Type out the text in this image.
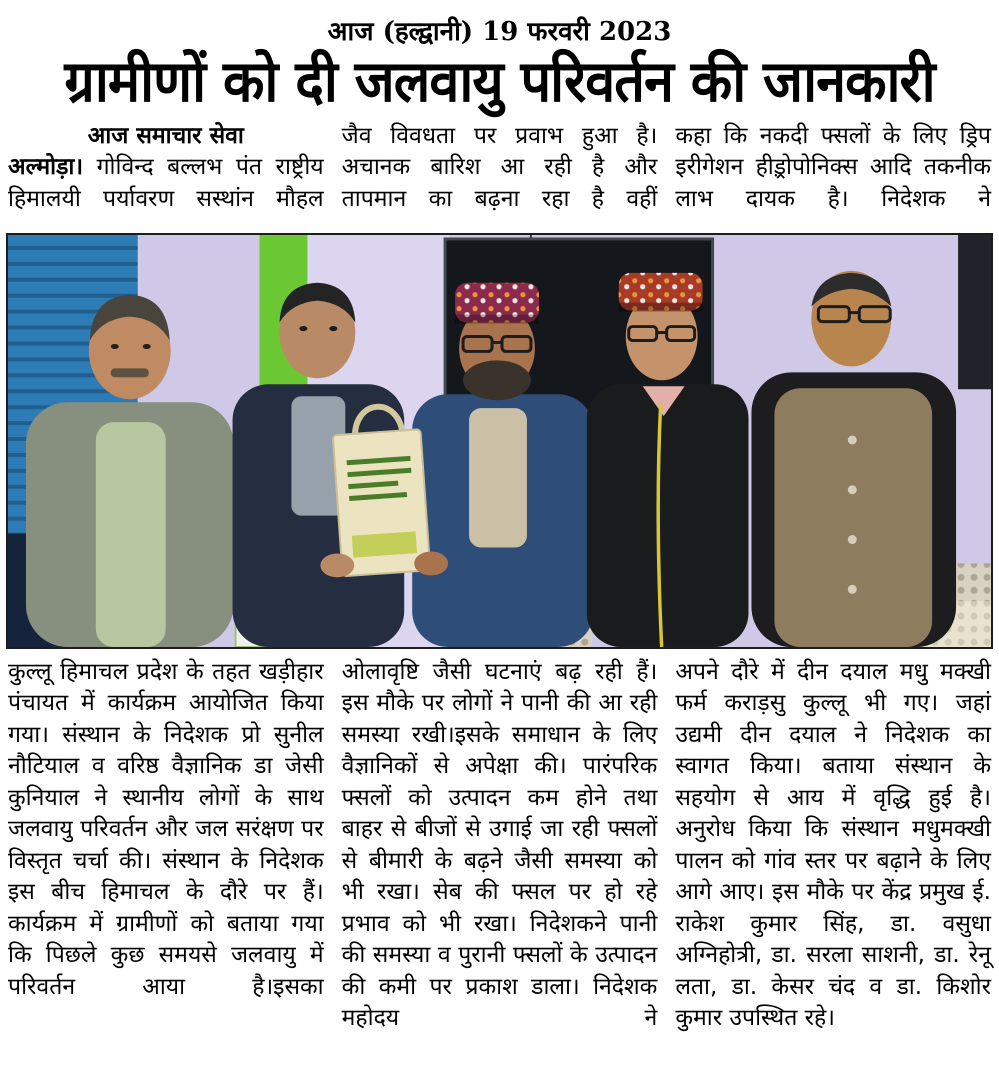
आज (हल्द्वानी) 19 फरवरी 2023
ग्रामीणों को दी जलवायु परिवर्तन की जानकारी
आज समाचार सेवा

अल्मोड़ा। गोविन्द बल्लभ पंत राष्ट्रीय हिमालयी पर्यावरण सस्थांन मौहल

जैव विवधता पर प्रवाभ हुआ है। अचानक बारिश आ रही है और तापमान का बढ़ना रहा है वहीं

कहा कि नकदी फ्सलों के लिए ड्रिप इरीगेशन हीड़्रोपोनिक्स आदि तकनीक लाभ दायक है। निदेशक ने

कुल्लू हिमाचल प्रदेश के तहत खड़ीहार पंचायत में कार्यक्रम आयोजित किया गया। संस्थान के निदेशक प्रो सुनील नौटियाल व वरिष्ठ वैज्ञानिक डा जेसी कुनियाल ने स्थानीय लोगों के साथ जलवायु परिवर्तन और जल सरंक्षण पर विस्तृत चर्चा की। संस्थान के निदेशक इस बीच हिमाचल के दौरे पर हैं। कार्यक्रम में ग्रामीणों को बताया गया कि पिछले कुछ समयसे जलवायु में परिवर्तन आया है।इसका

ओलावृष्टि जैसी घटनाएं बढ़ रही हैं। इस मौके पर लोगों ने पानी की आ रही समस्या रखी।इसके समाधान के लिए वैज्ञानिकों से अपेक्षा की। पारंपरिक फ्सलों को उत्पादन कम होने तथा बाहर से बीजों से उगाई जा रही फ्सलों से बीमारी के बढ़ने जैसी समस्या को भी रखा। सेब की फ्सल पर हो रहे प्रभाव को भी रखा। निदेशकने पानी की समस्या व पुरानी फ्सलों के उत्पादन की कमी पर प्रकाश डाला। निदेशक महोदय ने

अपने दौरे में दीन दयाल मधु मक्खी फर्म कराड़सु कुल्लू भी गए। जहां उद्यमी दीन दयाल ने निदेशक का स्वागत किया। बताया संस्थान के सहयोग से आय में वृद्धि हुई है। अनुरोध किया कि संस्थान मधुमक्खी पालन को गांव स्तर पर बढ़ाने के लिए आगे आए। इस मौके पर केंद्र प्रमुख ई. राकेश कुमार सिंह, डा. वसुधा अग्निहोत्री, डा. सरला साशनी, डा. रेनू लता, डा. केसर चंद व डा. किशोर कुमार उपस्थित रहे।
